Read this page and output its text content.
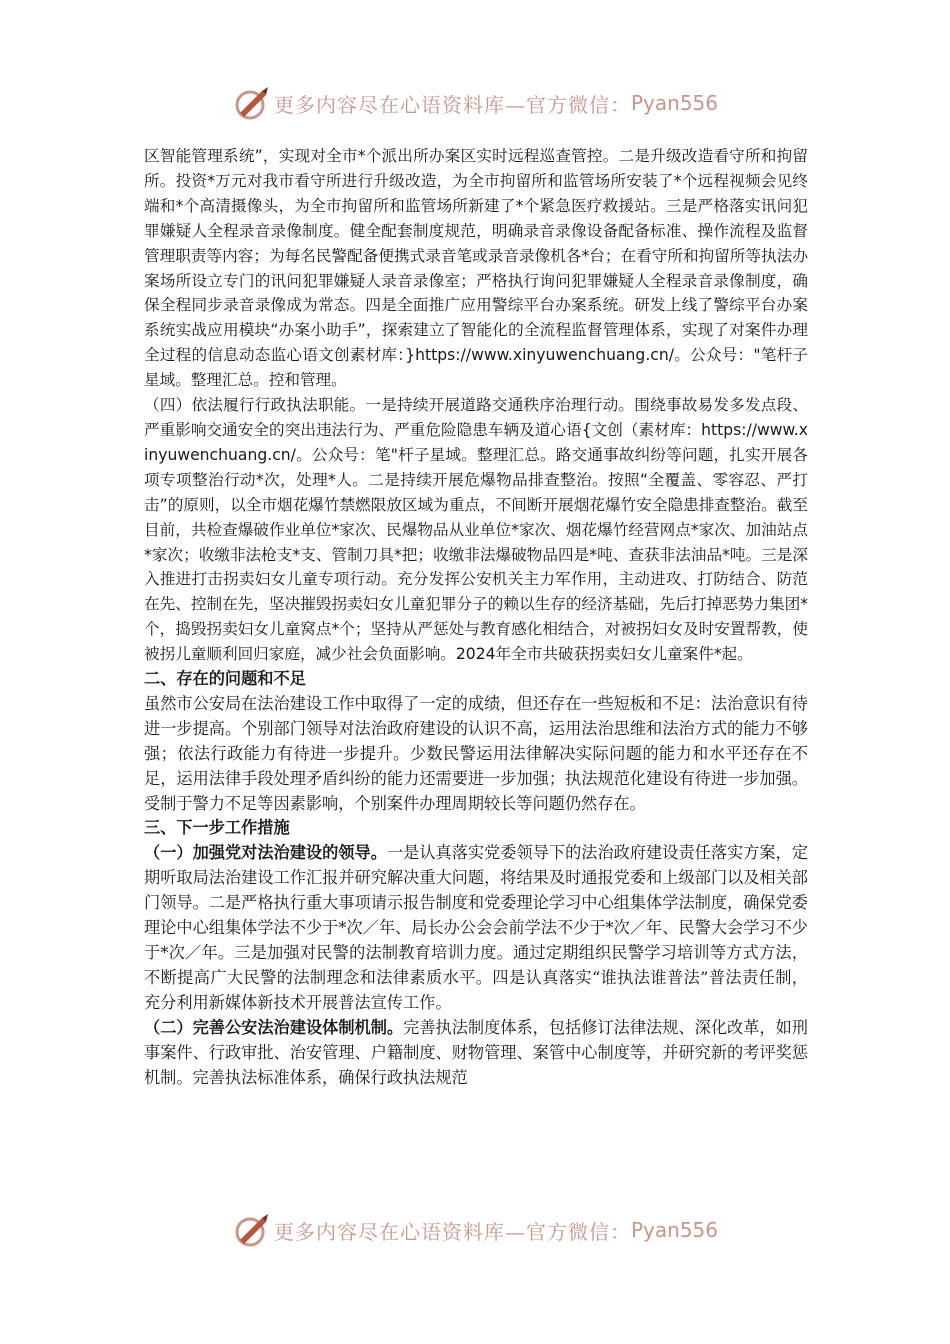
更多内容尽在心语资料库— 官方微信： Pyan556

区智能管理系统”，实现对全市*个派出所办案区实时远程巡查管控。二是升级改造看守所和拘留所。投资*万元对我市看守所进行升级改造，为全市拘留所和监管场所安装了*个远程视频会见终端和*个高清摄像头，为全市拘留所和监管场所新建了*个紧急医疗救援站。三是严格落实讯问犯罪嫌疑人全程录音录像制度。健全配套制度规范，明确录音录像设备配备标准、操作流程及监督管理职责等内容；为每名民警配备便携式录音笔或录音录像机各*台；在看守所和拘留所等执法办案场所设立专门的讯问犯罪嫌疑人录音录像室；严格执行询问犯罪嫌疑人全程录音录像制度，确保全程同步录音录像成为常态。四是全面推广应用警综平台办案系统。研发上线了警综平台办案系统实战应用模块“办案小助手”，探索建立了智能化的全流程监督管理体系，实现了对案件办理全过程的信息动态监心语文创素材库：}https://www.xinyuwenchuang.cn/。公众号："笔杆子星域。整理汇总。控和管理。

（四）依法履行行政执法职能。一是持续开展道路交通秩序治理行动。围绕事故易发多发点段、严重影响交通安全的突出违法行为、严重危险隐患车辆及道心语{文创（素材库：https://www.xinyuwenchuang.cn/。公众号：笔"杆子星域。整理汇总。路交通事故纠纷等问题，扎实开展各项专项整治行动*次，处理*人。二是持续开展危爆物品排查整治。按照“全覆盖、零容忍、严打击”的原则，以全市烟花爆竹禁燃限放区域为重点，不间断开展烟花爆竹安全隐患排查整治。截至目前，共检查爆破作业单位*家次、民爆物品从业单位*家次、烟花爆竹经营网点*家次、加油站点*家次；收缴非法枪支*支、管制刀具*把；收缴非法爆破物品四是*吨、查获非法油品*吨。三是深入推进打击拐卖妇女儿童专项行动。充分发挥公安机关主力军作用，主动进攻、打防结合、防范在先、控制在先，坚决摧毁拐卖妇女儿童犯罪分子的赖以生存的经济基础，先后打掉恶势力集团*个，捣毁拐卖妇女儿童窝点*个；坚持从严惩处与教育感化相结合，对被拐妇女及时安置帮教，使被拐儿童顺利回归家庭，减少社会负面影响。2024年全市共破获拐卖妇女儿童案件*起。

二、存在的问题和不足

虽然市公安局在法治建设工作中取得了一定的成绩，但还存在一些短板和不足：法治意识有待进一步提高。个别部门领导对法治政府建设的认识不高，运用法治思维和法治方式的能力不够强；依法行政能力有待进一步提升。少数民警运用法律解决实际问题的能力和水平还存在不足，运用法律手段处理矛盾纠纷的能力还需要进一步加强；执法规范化建设有待进一步加强。受制于警力不足等因素影响，个别案件办理周期较长等问题仍然存在。

三、下一步工作措施

（一）加强党对法治建设的领导。一是认真落实党委领导下的法治政府建设责任落实方案，定期听取局法治建设工作汇报并研究解决重大问题，将结果及时通报党委和上级部门以及相关部门领导。二是严格执行重大事项请示报告制度和党委理论学习中心组集体学法制度，确保党委理论中心组集体学法不少于*次／年、局长办公会会前学法不少于*次／年、民警大会学习不少于*次／年。三是加强对民警的法制教育培训力度。通过定期组织民警学习培训等方式方法，不断提高广大民警的法制理念和法律素质水平。四是认真落实“谁执法谁普法”普法责任制，充分利用新媒体新技术开展普法宣传工作。

（二）完善公安法治建设体制机制。完善执法制度体系，包括修订法律法规、深化改革，如刑事案件、行政审批、治安管理、户籍制度、财物管理、案管中心制度等，并研究新的考评奖惩机制。完善执法标准体系，确保行政执法规范

更多内容尽在心语资料库— 官方微信： Pyan556
